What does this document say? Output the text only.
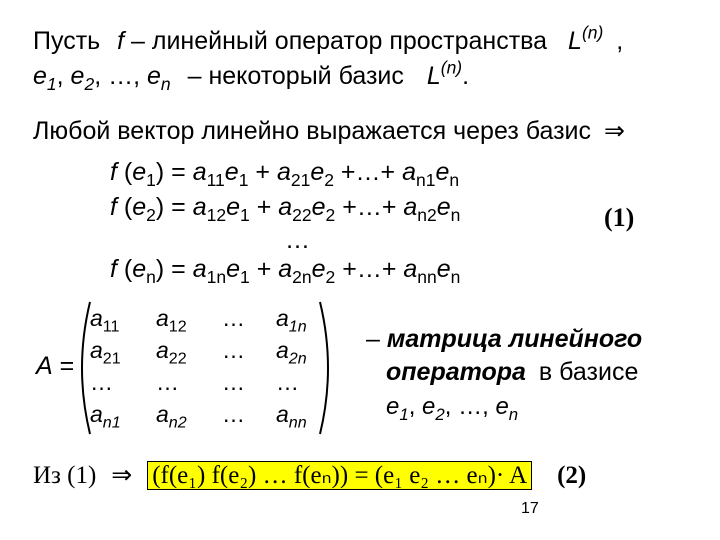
Пусть f – линейный оператор пространства $L^{(n)}$ ,
$e_1$, $e_2$, …, $e_n$ – некоторый базис $L^{(n)}$.
Любой вектор линейно выражается через базис ⇒
f $(e_1) = a_{11}e_1 + a_{21}e_2$ +…+ $a_{n1}e_n$
f $(e_2) = a_{12}e_1 + a_{22}e_2$ +…+ $a_{n2}e_n$
…
(1)
f $(e_n) = a_{1n}e_1 + a_{2n}e_2$ +…+ $a_{nn}e_n$
A =
$a_{11}$ $a_{12}$ … $a_{1n}$
$a_{21}$ $a_{22}$ … $a_{2n}$
… … … …
$a_{n1}$ $a_{n2}$ … $a_{nn}$
– матрица линейного
оператора в базисе
$e_1$, $e_2$, …, $e_n$
Из (1) ⇒ (f(e₁) f(e₂) … f(eₙ)) = (e₁ e₂ … eₙ)· A (2)
17
